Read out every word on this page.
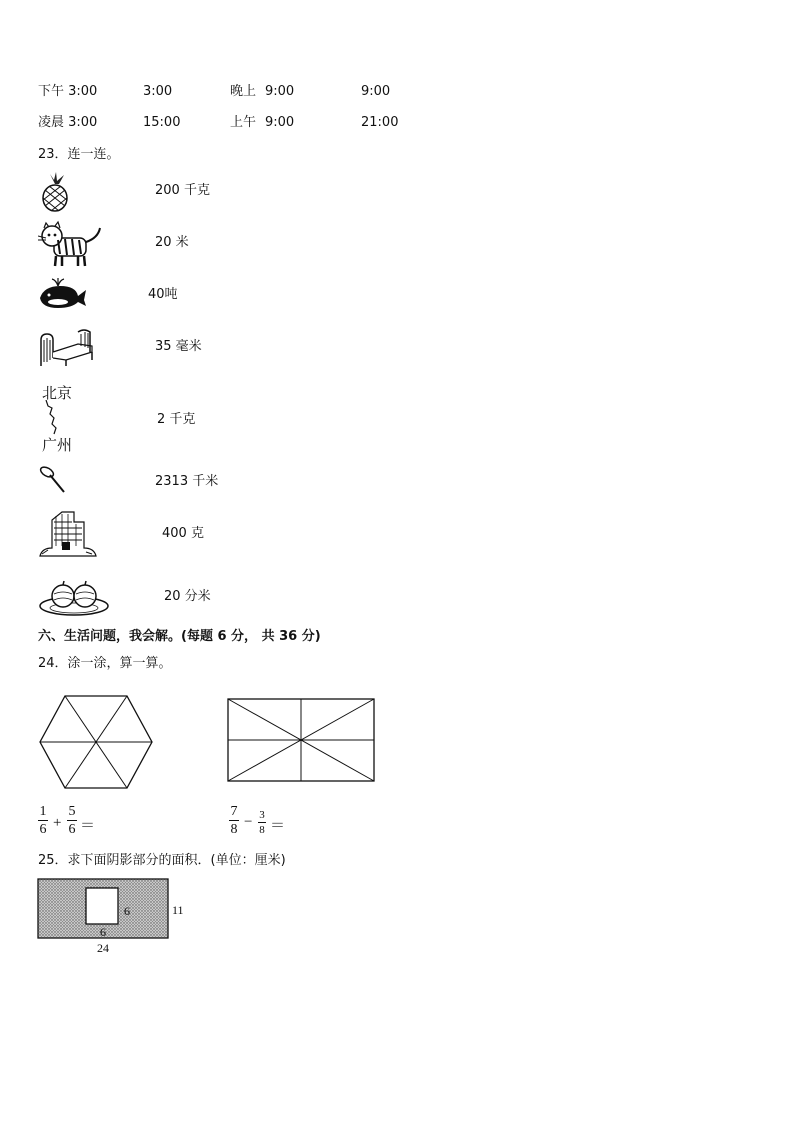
下午 3:00	3:00	晚上 9:00	9:00
凌晨 3:00	15:00	上午 9:00	21:00
23．连一连。
北京
广州
200 千克
20 米
40吨
35 毫米
2 千克
2313 千米
400 克
20 分米
六、生活问题，我会解。(每题 6 分， 共 36 分)
24．涂一涂，算一算。
1
6 +
5
6 ＝
7
8 − 3
8 ＝
25．求下面阴影部分的面积．(单位：厘米)
6
6
11
24
